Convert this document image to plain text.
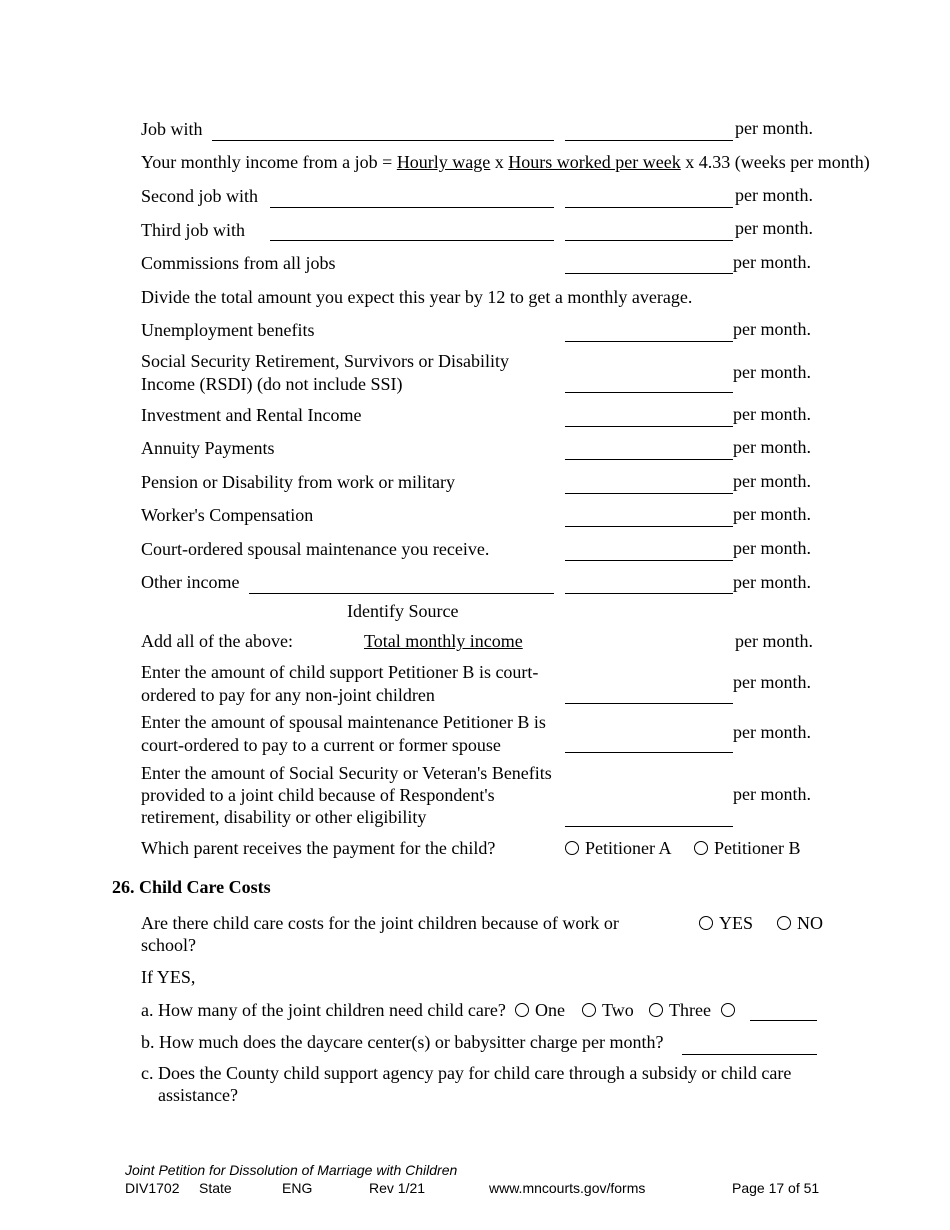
Job with	per month.
Your monthly income from a job = Hourly wage x Hours worked per week x 4.33 (weeks per month)
Second job with	per month.
Third job with	per month.
Commissions from all jobs	per month.
Divide the total amount you expect this year by 12 to get a monthly average.
Unemployment benefits	per month.
Social Security Retirement, Survivors or Disability
Income (RSDI) (do not include SSI)
per month.
Investment and Rental Income	per month.
Annuity Payments	per month.
Pension or Disability from work or military	per month.
Worker's Compensation	per month.
Court-ordered spousal maintenance you receive.	per month.
Other income	per month.
Identify Source
Add all of the above:	Total monthly income	per month.
Enter the amount of child support Petitioner B is court-
ordered to pay for any non-joint children
per month.
Enter the amount of spousal maintenance Petitioner B is
court-ordered to pay to a current or former spouse
per month.
Enter the amount of Social Security or Veteran's Benefits
provided to a joint child because of Respondent's
retirement, disability or other eligibility
per month.
Which parent receives the payment for the child?	Petitioner A	Petitioner B
26. Child Care Costs
Are there child care costs for the joint children because of work or
school?
YES	NO
If YES,
a. How many of the joint children need child care?	One	Two	Three
b. How much does the daycare center(s) or babysitter charge per month?
c. Does the County child support agency pay for child care through a subsidy or child care
assistance?
Joint Petition for Dissolution of Marriage with Children
DIV1702 State	ENG	Rev 1/21	www.mncourts.gov/forms	Page 17 of 51
